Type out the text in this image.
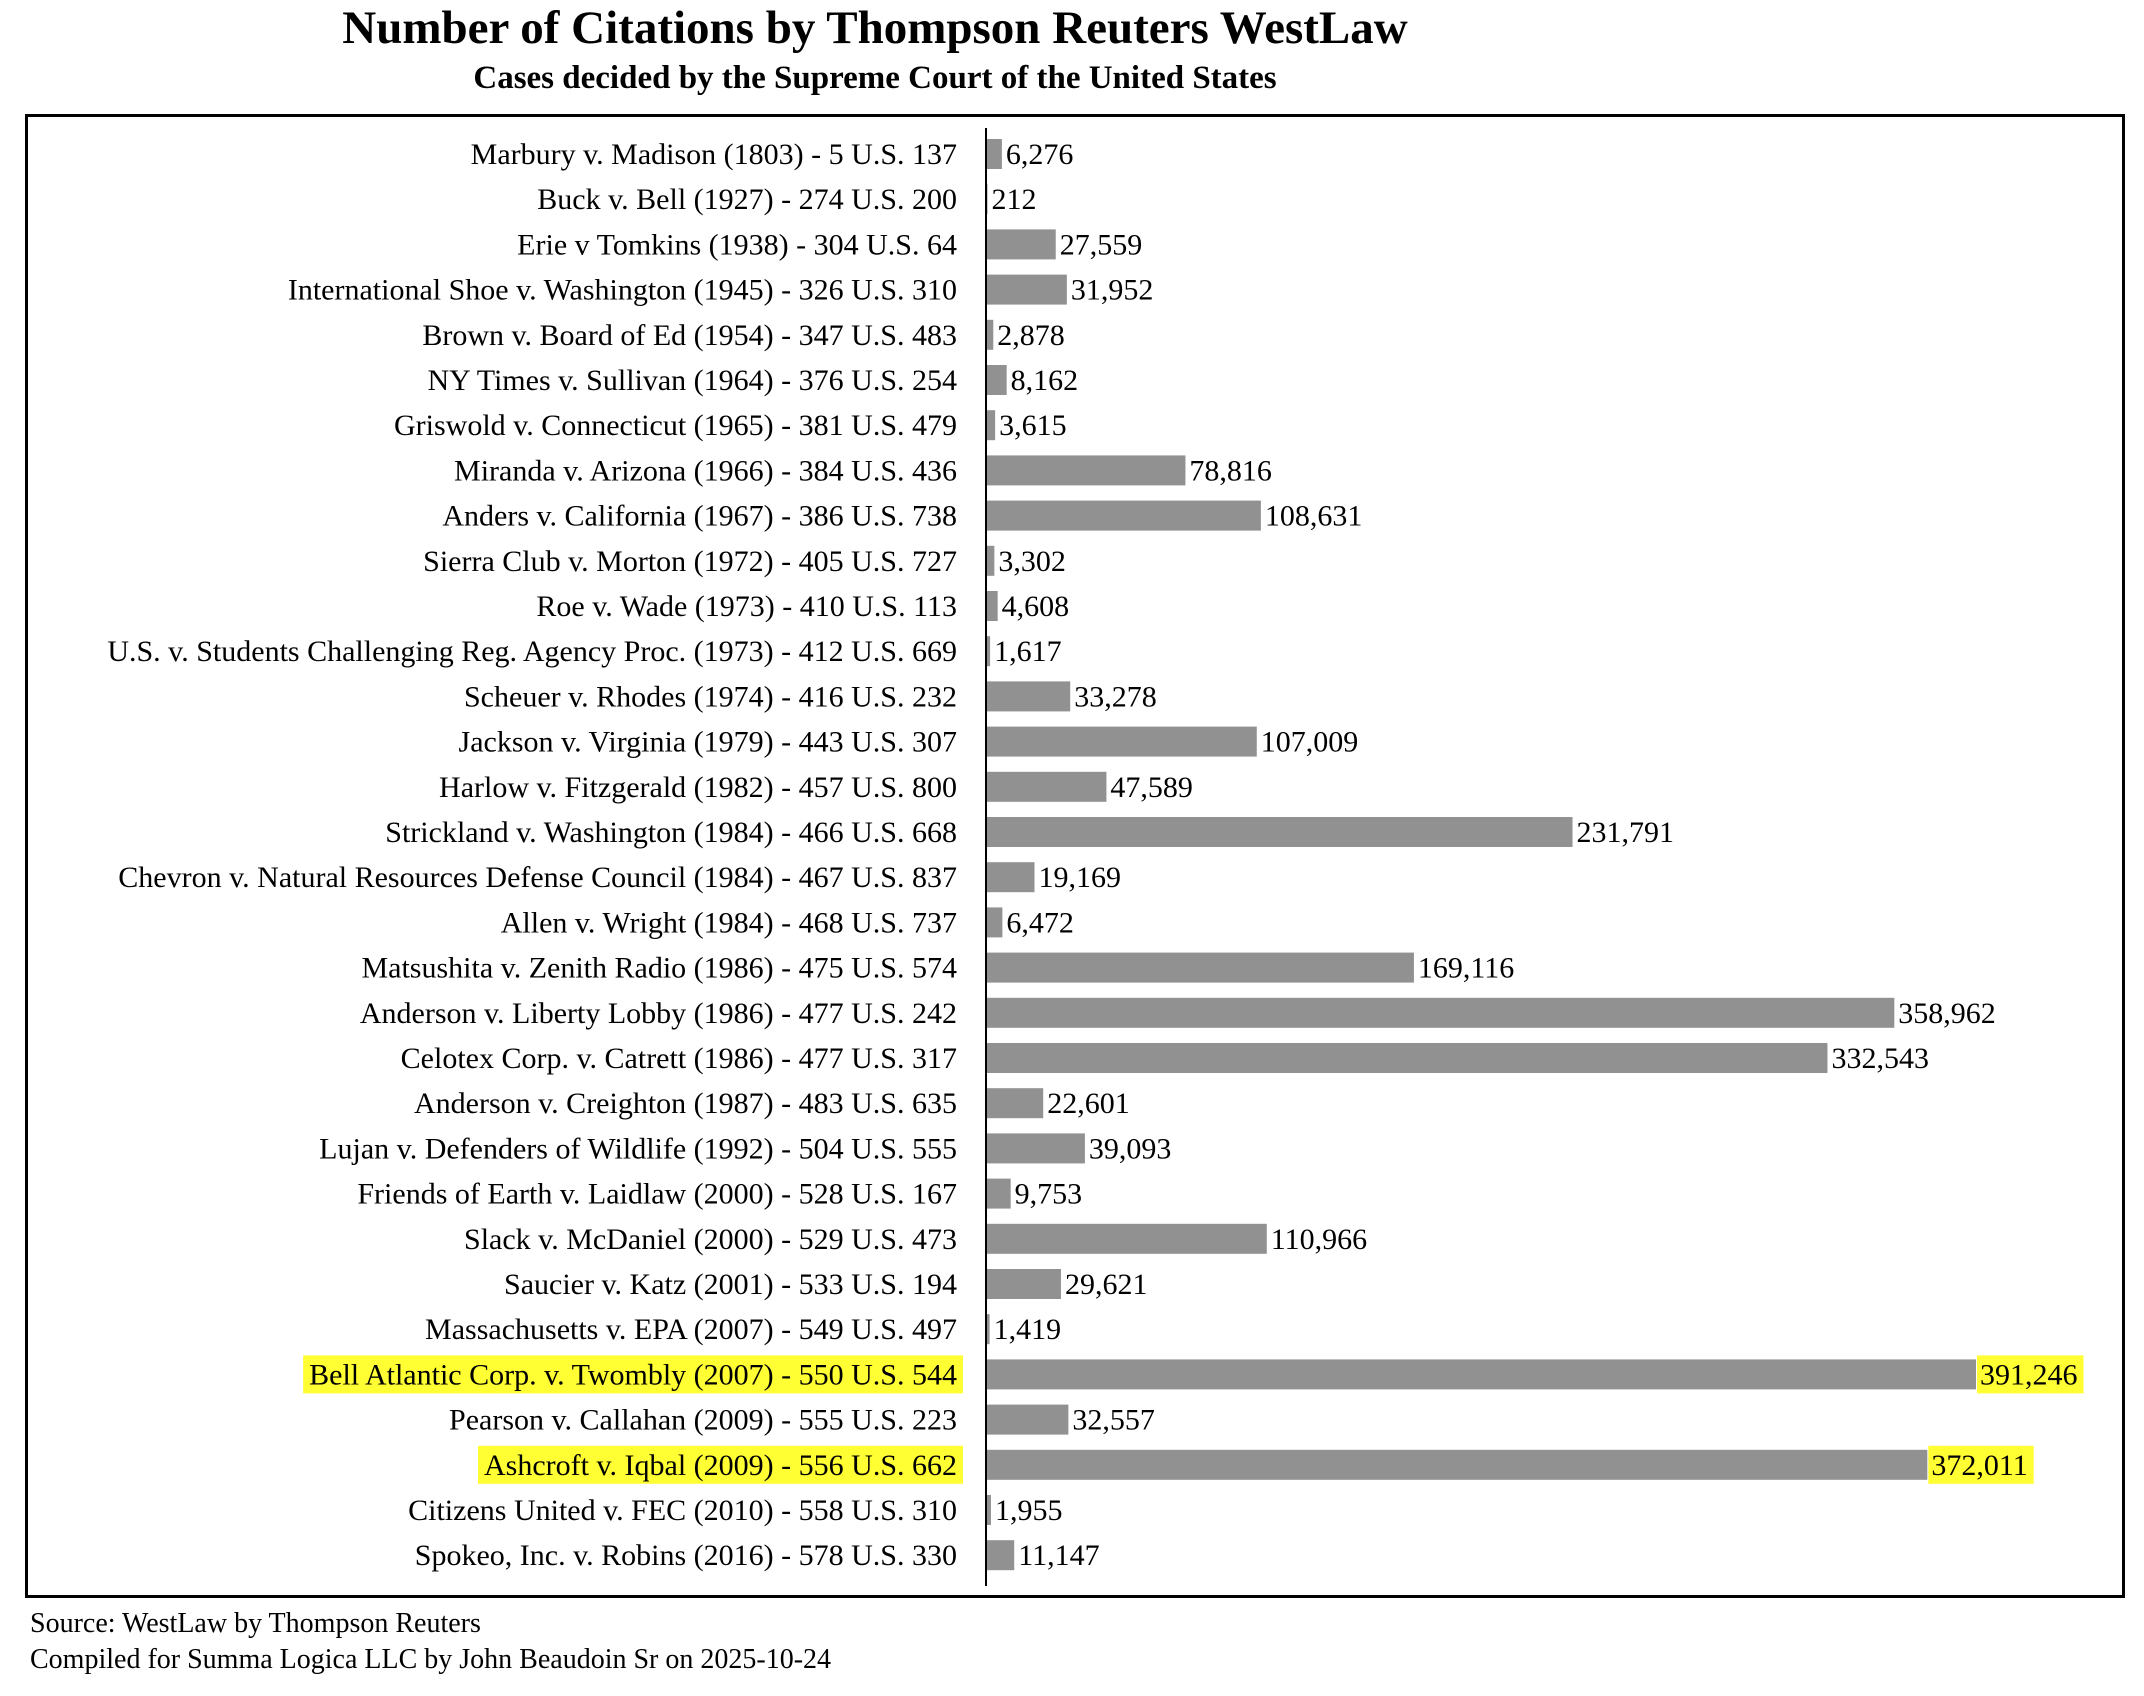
Number of Citations by Thompson Reuters WestLaw
Cases decided by the Supreme Court of the United States
Marbury v. Madison (1803) - 5 U.S. 137 6,276
Buck v. Bell (1927) - 274 U.S. 200 212
Erie v Tomkins (1938) - 304 U.S. 64	27,559
International Shoe v. Washington (1945) - 326 U.S. 310	31,952
Brown v. Board of Ed (1954) - 347 U.S. 483 2,878
NY Times v. Sullivan (1964) - 376 U.S. 254 8,162
Griswold v. Connecticut (1965) - 381 U.S. 479 3,615
Miranda v. Arizona (1966) - 384 U.S. 436	78,816
Anders v. California (1967) - 386 U.S. 738	108,631
Sierra Club v. Morton (1972) - 405 U.S. 727 3,302
Roe v. Wade (1973) - 410 U.S. 113 4,608
U.S. v. Students Challenging Reg. Agency Proc. (1973) - 412 U.S. 669 1,617
Scheuer v. Rhodes (1974) - 416 U.S. 232	33,278
Jackson v. Virginia (1979) - 443 U.S. 307	107,009
Harlow v. Fitzgerald (1982) - 457 U.S. 800	47,589
Strickland v. Washington (1984) - 466 U.S. 668	231,791
Chevron v. Natural Resources Defense Council (1984) - 467 U.S. 837	19,169
Allen v. Wright (1984) - 468 U.S. 737 6,472
Matsushita v. Zenith Radio (1986) - 475 U.S. 574	169,116
Anderson v. Liberty Lobby (1986) - 477 U.S. 242	358,962
Celotex Corp. v. Catrett (1986) - 477 U.S. 317	332,543
Anderson v. Creighton (1987) - 483 U.S. 635	22,601
Lujan v. Defenders of Wildlife (1992) - 504 U.S. 555	39,093
Friends of Earth v. Laidlaw (2000) - 528 U.S. 167 9,753
Slack v. McDaniel (2000) - 529 U.S. 473	110,966
Saucier v. Katz (2001) - 533 U.S. 194	29,621
Massachusetts v. EPA (2007) - 549 U.S. 497 1,419
Bell Atlantic Corp. v. Twombly (2007) - 550 U.S. 544	391,246
Pearson v. Callahan (2009) - 555 U.S. 223	32,557
Ashcroft v. Iqbal (2009) - 556 U.S. 662	372,011
Citizens United v. FEC (2010) - 558 U.S. 310 1,955
Spokeo, Inc. v. Robins (2016) - 578 U.S. 330 11,147
Source: WestLaw by Thompson Reuters
Compiled for Summa Logica LLC by John Beaudoin Sr on 2025-10-24
